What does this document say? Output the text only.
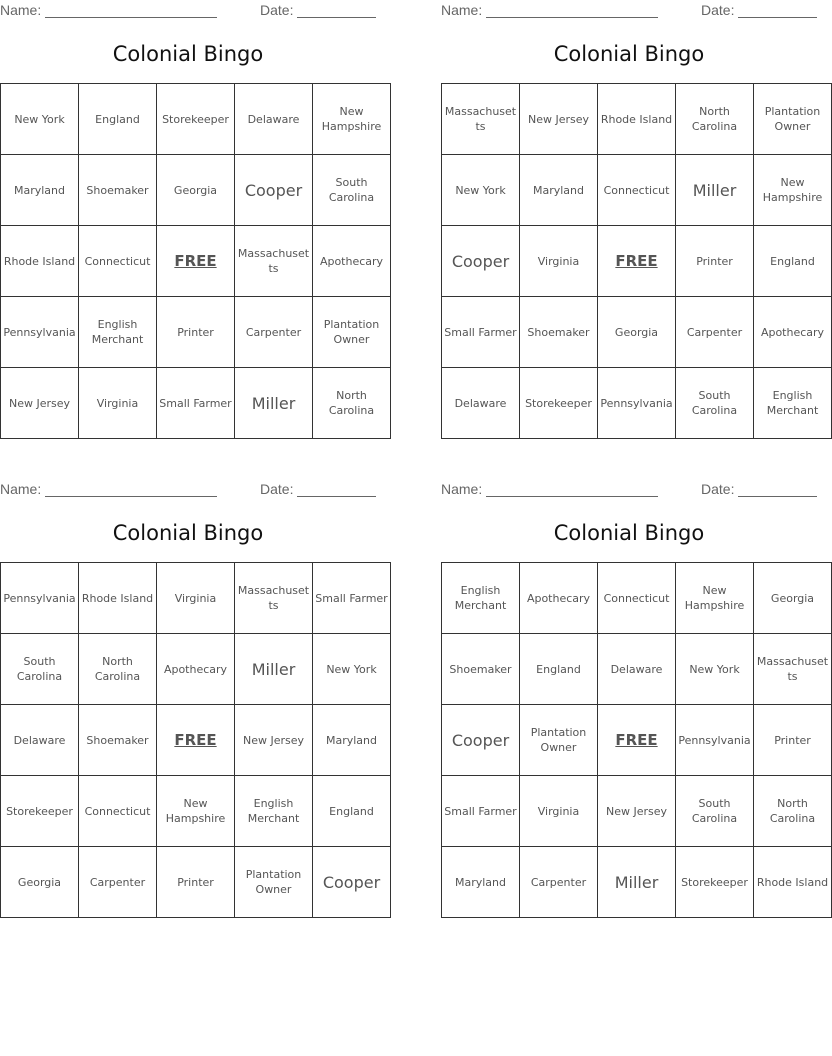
Name:	Date:
Colonial Bingo
New York	England	Storekeeper	Delaware	New Hampshire
Maryland	Shoemaker	Georgia	Cooper	South Carolina
Rhode Island	Connecticut	FREE	Massachusetts	Apothecary
Pennsylvania	English Merchant	Printer	Carpenter	Plantation Owner
New Jersey	Virginia	Small Farmer	Miller	North Carolina
Name:	Date:
Colonial Bingo
Massachusetts	New Jersey	Rhode Island	North Carolina	Plantation Owner
New York	Maryland	Connecticut	Miller	New Hampshire
Cooper	Virginia	FREE	Printer	England
Small Farmer	Shoemaker	Georgia	Carpenter	Apothecary
Delaware	Storekeeper	Pennsylvania	South Carolina	English Merchant
Name:	Date:
Colonial Bingo
Pennsylvania	Rhode Island	Virginia	Massachusetts	Small Farmer
South Carolina	North Carolina	Apothecary	Miller	New York
Delaware	Shoemaker	FREE	New Jersey	Maryland
Storekeeper	Connecticut	New Hampshire	English Merchant	England
Georgia	Carpenter	Printer	Plantation Owner	Cooper
Name:	Date:
Colonial Bingo
English Merchant	Apothecary	Connecticut	New Hampshire	Georgia
Shoemaker	England	Delaware	New York	Massachusetts
Cooper	Plantation Owner	FREE	Pennsylvania	Printer
Small Farmer	Virginia	New Jersey	South Carolina	North Carolina
Maryland	Carpenter	Miller	Storekeeper	Rhode Island
